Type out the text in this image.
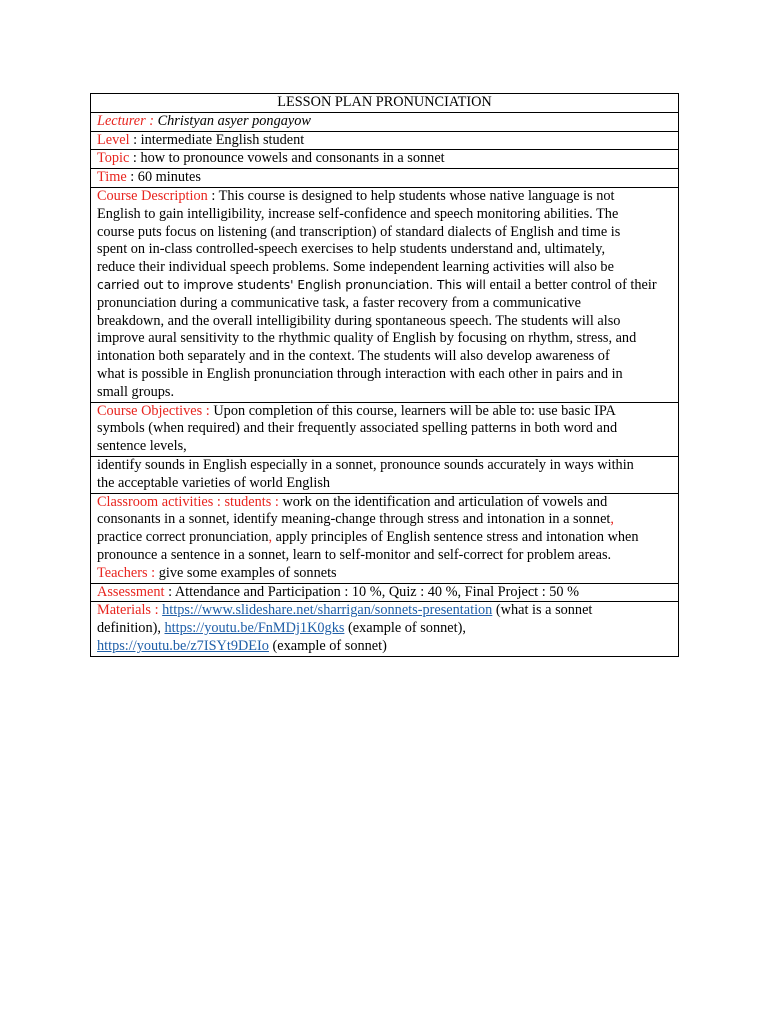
LESSON PLAN PRONUNCIATION
Lecturer : Christyan asyer pongayow
Level : intermediate English student
Topic : how to pronounce vowels and consonants in a sonnet
Time : 60 minutes

Course Description : This course is designed to help students whose native language is not
English to gain intelligibility, increase self-confidence and speech monitoring abilities. The
course puts focus on listening (and transcription) of standard dialects of English and time is
spent on in-class controlled-speech exercises to help students understand and, ultimately,
reduce their individual speech problems. Some independent learning activities will also be
carried out to improve students' English pronunciation. This will entail a better control of their
pronunciation during a communicative task, a faster recovery from a communicative
breakdown, and the overall intelligibility during spontaneous speech. The students will also
improve aural sensitivity to the rhythmic quality of English by focusing on rhythm, stress, and
intonation both separately and in the context. The students will also develop awareness of
what is possible in English pronunciation through interaction with each other in pairs and in
small groups.

Course Objectives : Upon completion of this course, learners will be able to: use basic IPA
symbols (when required) and their frequently associated spelling patterns in both word and
sentence levels,

identify sounds in English especially in a sonnet, pronounce sounds accurately in ways within
the acceptable varieties of world English

Classroom activities : students : work on the identification and articulation of vowels and
consonants in a sonnet, identify meaning-change through stress and intonation in a sonnet,
practice correct pronunciation, apply principles of English sentence stress and intonation when
pronounce a sentence in a sonnet, learn to self-monitor and self-correct for problem areas.
Teachers : give some examples of sonnets

Assessment : Attendance and Participation : 10 %, Quiz : 40 %, Final Project : 50 %

Materials : https://www.slideshare.net/sharrigan/sonnets-presentation (what is a sonnet
definition), https://youtu.be/FnMDj1K0gks (example of sonnet),
https://youtu.be/z7ISYt9DEIo (example of sonnet)
